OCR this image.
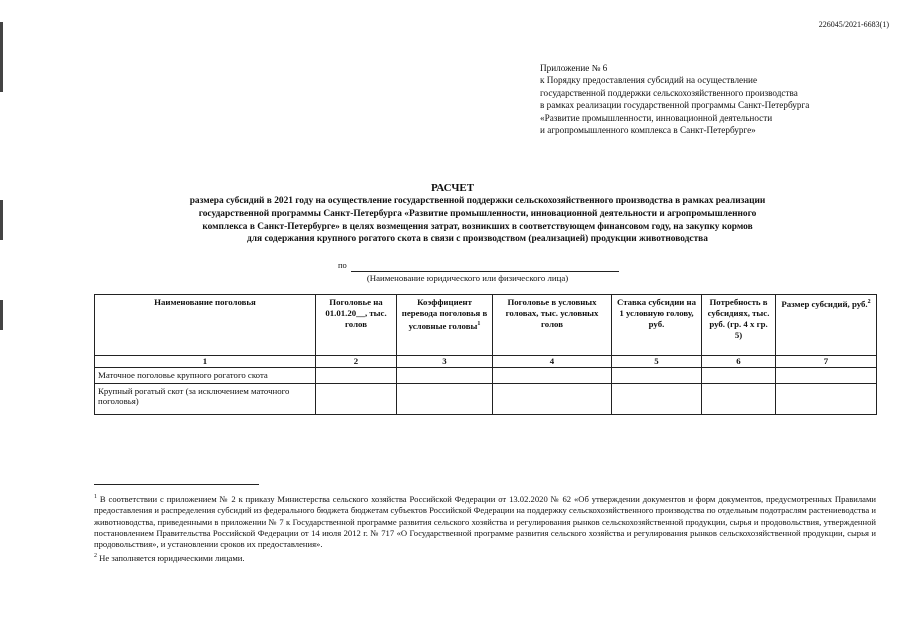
226045/2021-6683(1)
Приложение № 6
к Порядку предоставления субсидий на осуществление
государственной поддержки сельскохозяйственного производства
в рамках реализации государственной программы Санкт-Петербурга
«Развитие промышленности, инновационной деятельности
и агропромышленного комплекса в Санкт-Петербурге»
РАСЧЕТ
размера субсидий в 2021 году на осуществление государственной поддержки сельскохозяйственного производства в рамках реализации
государственной программы Санкт-Петербурга «Развитие промышленности, инновационной деятельности и агропромышленного
комплекса в Санкт-Петербурге» в целях возмещения затрат, возникших в соответствующем финансовом году, на закупку кормов
для содержания крупного рогатого скота в связи с производством (реализацией) продукции животноводства
по
(Наименование юридического или физического лица)
Наименование поголовья	Поголовье на 01.01.20__, тыс. голов	Коэффициент перевода поголовья в условные головы$^1$	Поголовье в условных головах, тыс. условных голов	Ставка субсидии на 1 условную голову, руб.	Потребность в субсидиях, тыс. руб. (гр. 4 х гр. 5)	Размер субсидий, руб.$^2$
1	2	3	4	5	6	7
Маточное поголовье крупного рогатого скота						
Крупный рогатый скот (за исключением маточного поголовья)						

$^1$ В соответствии с приложением № 2 к приказу Министерства сельского хозяйства Российской Федерации от 13.02.2020 № 62 «Об утверждении документов и форм документов, предусмотренных Правилами предоставления и распределения субсидий из федерального бюджета бюджетам субъектов Российской Федерации на поддержку сельскохозяйственного производства по отдельным подотраслям растениеводства и животноводства, приведенными в приложении № 7 к Государственной программе развития сельского хозяйства и регулирования рынков сельскохозяйственной продукции, сырья и продовольствия, утвержденной постановлением Правительства Российской Федерации от 14 июля 2012 г. № 717 «О Государственной программе развития сельского хозяйства и регулирования рынков сельскохозяйственной продукции, сырья и продовольствия», и установлении сроков их предоставления».

$^2$ Не заполняется юридическими лицами.
